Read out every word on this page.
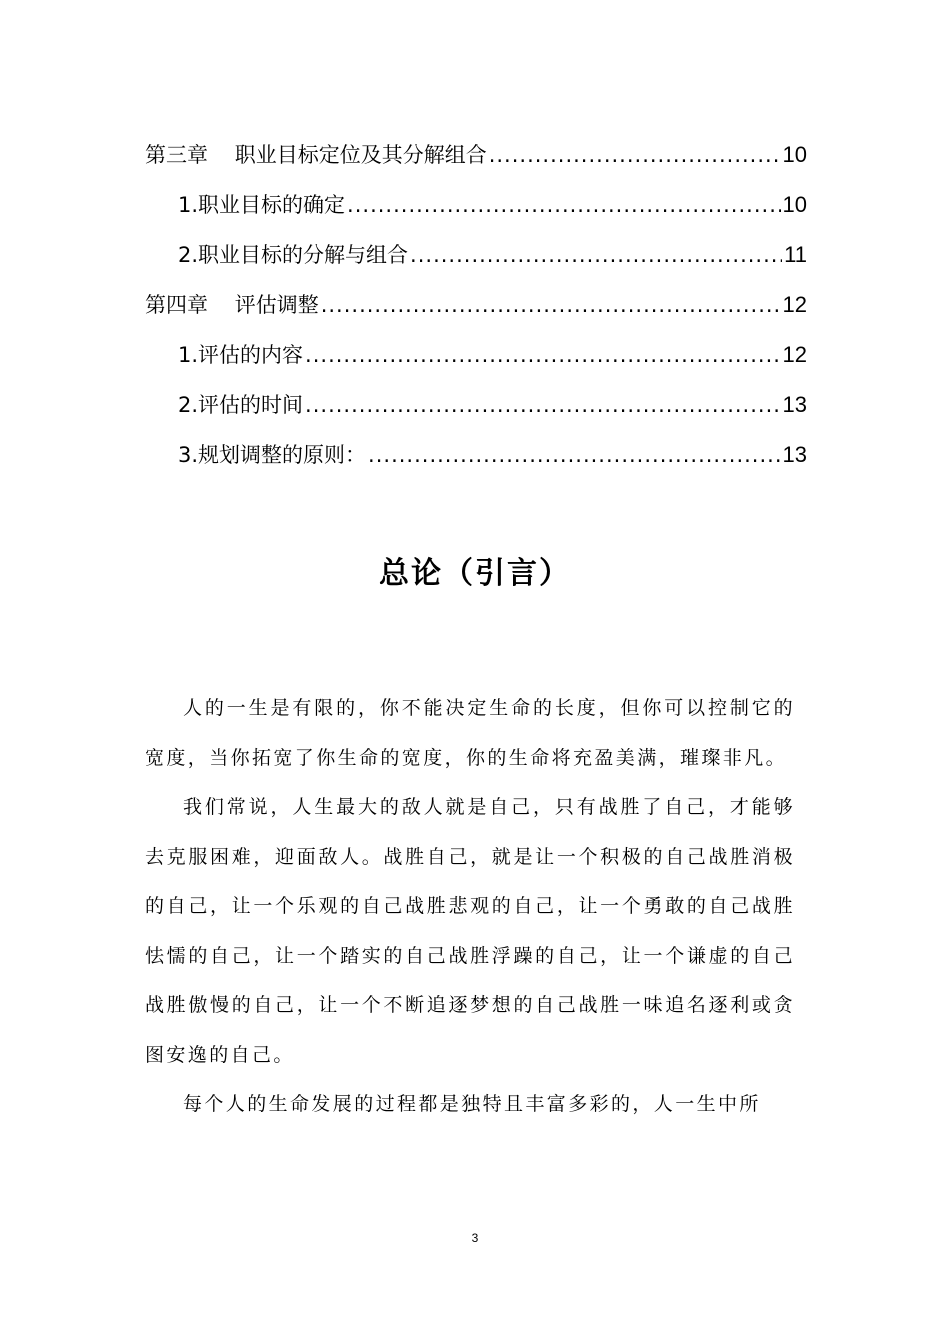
第三章    职业目标定位及其分解组合 .....	10
1.职业目标的确定 .....	10
2.职业目标的分解与组合 .....	11
第四章    评估调整 .....	12
1.评估的内容 .....	12
2.评估的时间 .....	13
3.规划调整的原则： .....	13
总论（引言）

人的一生是有限的，你不能决定生命的长度，但你可以控制它的宽度，当你拓宽了你生命的宽度，你的生命将充盈美满，璀璨非凡。

我们常说，人生最大的敌人就是自己，只有战胜了自己，才能够去克服困难，迎面敌人。战胜自己，就是让一个积极的自己战胜消极的自己，让一个乐观的自己战胜悲观的自己，让一个勇敢的自己战胜怯懦的自己，让一个踏实的自己战胜浮躁的自己，让一个谦虚的自己战胜傲慢的自己，让一个不断追逐梦想的自己战胜一味追名逐利或贪图安逸的自己。

每个人的生命发展的过程都是独特且丰富多彩的，人一生中所

3
